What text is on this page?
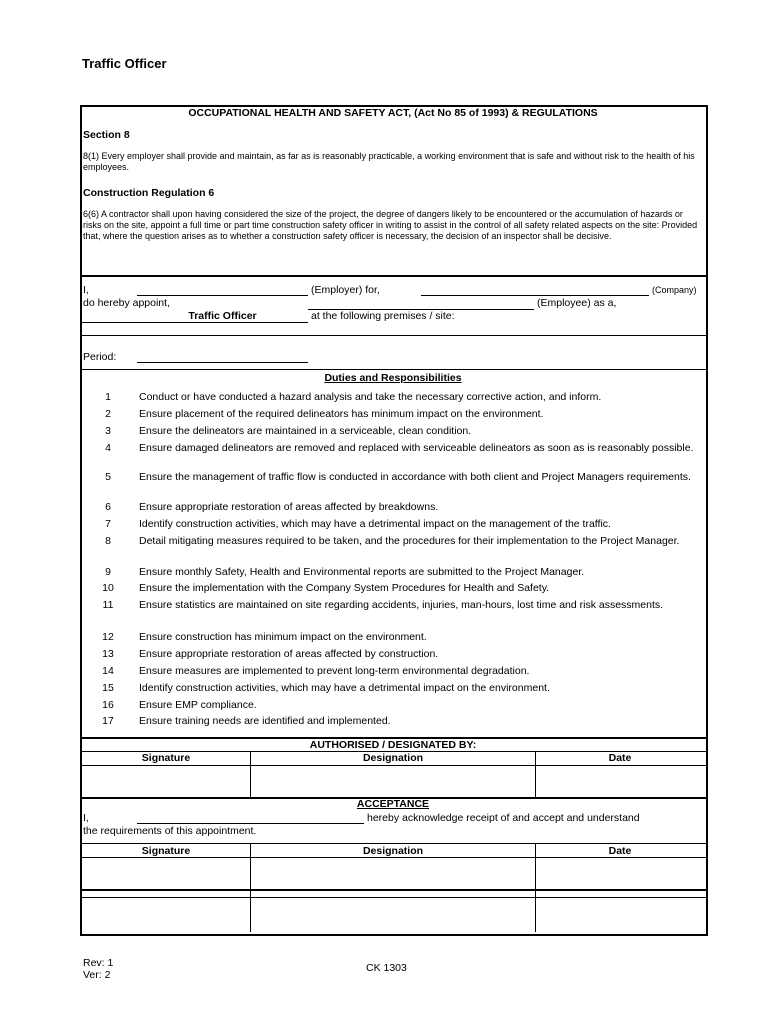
Traffic Officer
OCCUPATIONAL HEALTH AND SAFETY ACT, (Act No 85 of 1993) & REGULATIONS
Section 8
8(1) Every employer shall provide and maintain, as far as is reasonably practicable, a working environment that is safe and without risk to the health of his employees.
Construction Regulation 6
6(6) A contractor shall upon having considered the size of the project, the degree of dangers likely to be encountered or the accumulation of hazards or risks on the site, appoint a full time or part time construction safety officer in writing to assist in the control of all safety related aspects on the site: Provided that, where the question arises as to whether a construction safety officer is necessary, the decision of an inspector shall be decisive.
I,	(Employer) for,	(Company)
do hereby appoint,	(Employee) as a,
Traffic Officer	at the following premises / site:
Period:
Duties and Responsibilities
1	Conduct or have conducted a hazard analysis and take the necessary corrective action, and inform.
2	Ensure placement of the required delineators has minimum impact on the environment.
3	Ensure the delineators are maintained in a serviceable, clean condition.
4	Ensure damaged delineators are removed and replaced with serviceable delineators as soon as is reasonably possible.
5	Ensure the management of traffic flow is conducted in accordance with both client and Project Managers requirements.
6	Ensure appropriate restoration of areas affected by breakdowns.
7	Identify construction activities, which may have a detrimental impact on the management of the traffic.
8	Detail mitigating measures required to be taken, and the procedures for their implementation to the Project Manager.
9	Ensure monthly Safety, Health and Environmental reports are submitted to the Project Manager.
10	Ensure the implementation with the Company System Procedures for Health and Safety.
11	Ensure statistics are maintained on site regarding accidents, injuries, man-hours, lost time and risk assessments.
12	Ensure construction has minimum impact on the environment.
13	Ensure appropriate restoration of areas affected by construction.
14	Ensure measures are implemented to prevent long-term environmental degradation.
15	Identify construction activities, which may have a detrimental impact on the environment.
16	Ensure EMP compliance.
17	Ensure training needs are identified and implemented.
AUTHORISED / DESIGNATED BY:
Signature	Designation	Date
ACCEPTANCE
I,	hereby acknowledge receipt of and accept and understand
the requirements of this appointment.
Signature	Designation	Date
Rev: 1
Ver: 2
CK 1303
